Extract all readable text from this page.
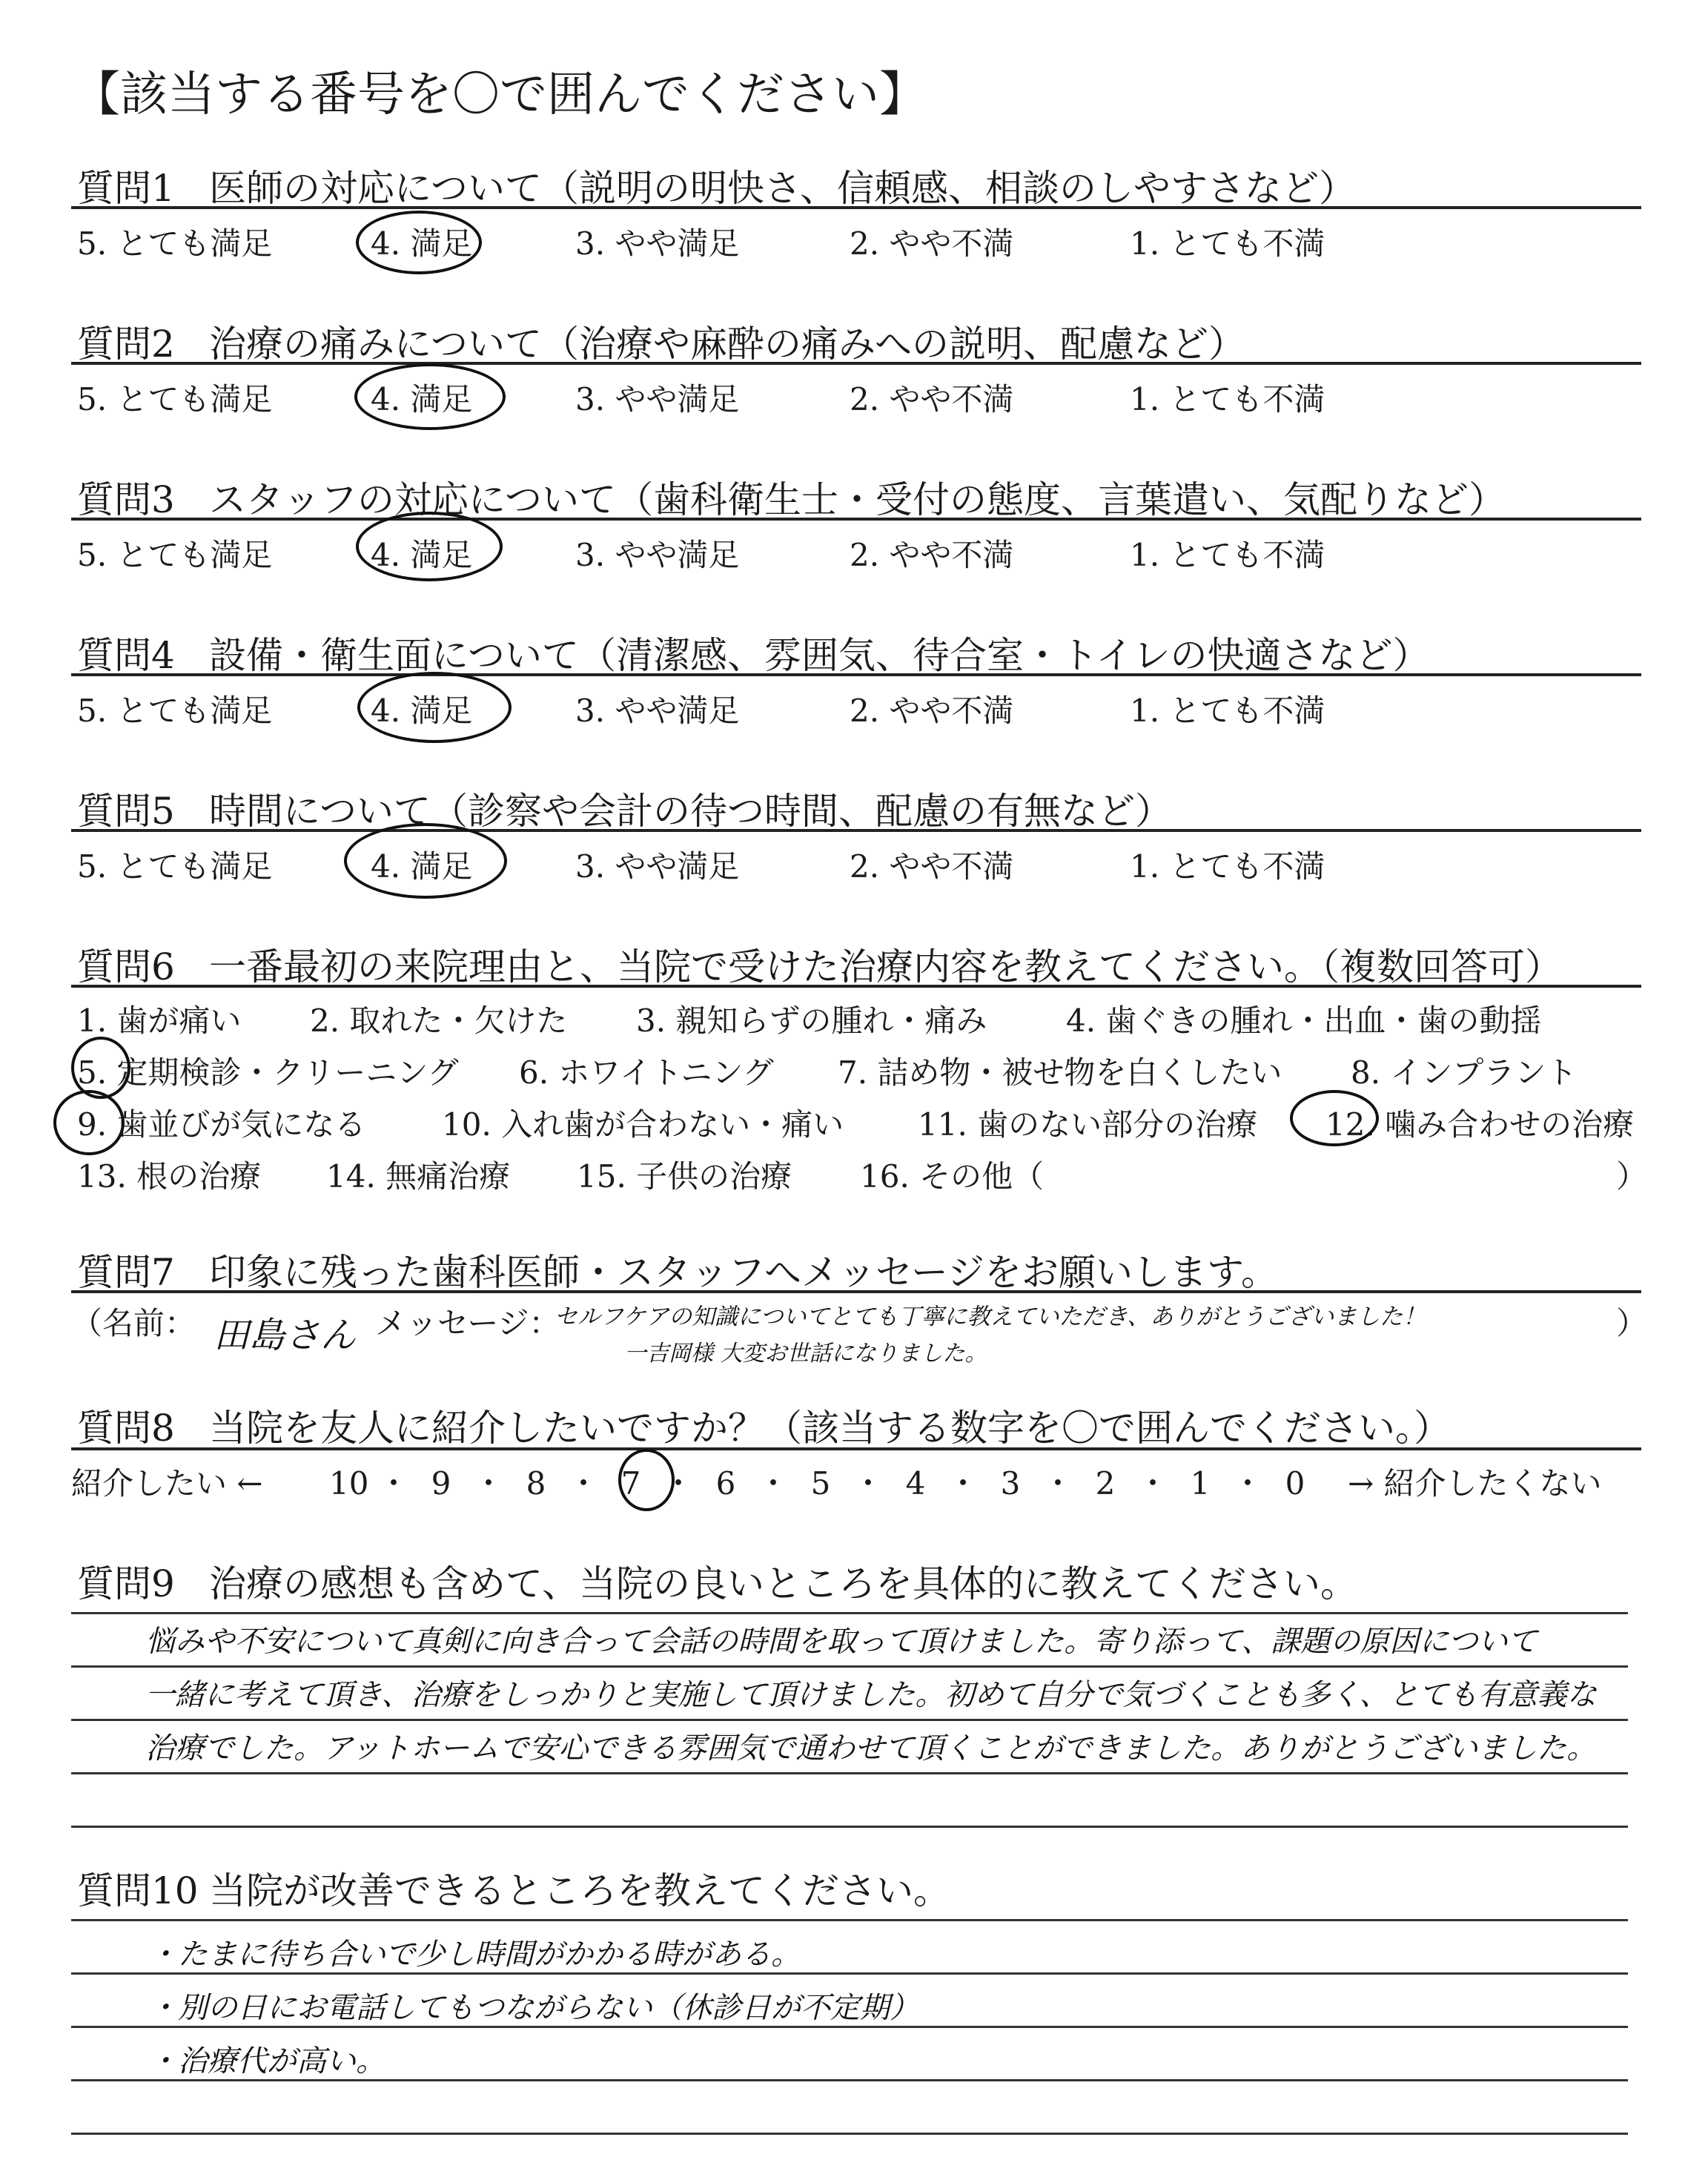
【該当する番号を〇で囲んでください】
質問1 医師の対応について（説明の明快さ、信頼感、相談のしやすさなど）
5. とても満足	4. 満足	3. やや満足	2. やや不満	1. とても不満
質問2 治療の痛みについて（治療や麻酔の痛みへの説明、配慮など）
5. とても満足	4. 満足	3. やや満足	2. やや不満	1. とても不満
質問3 スタッフの対応について（歯科衛生士・受付の態度、言葉遣い、気配りなど）
5. とても満足	4. 満足	3. やや満足	2. やや不満	1. とても不満
質問4 設備・衛生面について（清潔感、雰囲気、待合室・トイレの快適さなど）
5. とても満足	4. 満足	3. やや満足	2. やや不満	1. とても不満
質問5 時間について（診察や会計の待つ時間、配慮の有無など）
5. とても満足	4. 満足	3. やや満足	2. やや不満	1. とても不満
質問6 一番最初の来院理由と、当院で受けた治療内容を教えてください。（複数回答可）
1. 歯が痛い 2. 取れた・欠けた 3. 親知らずの腫れ・痛み	4. 歯ぐきの腫れ・出血・歯の動揺
5. 定期検診・クリーニング 6. ホワイトニング 7. 詰め物・被せ物を白くしたい 8. インプラント
9. 歯並びが気になる 10. 入れ歯が合わない・痛い 11. 歯のない部分の治療 12. 噛み合わせの治療
13. 根の治療 14. 無痛治療 15. 子供の治療 16. その他（	）
質問7 印象に残った歯科医師・スタッフへメッセージをお願いします。
（名前： 田島さん メッセージ：
セルフケアの知識についてとても丁寧に教えていただき、ありがとうございました！
一吉岡様 大変お世話になりました。
）
質問8 当院を友人に紹介したいですか？（該当する数字を〇で囲んでください。）
紹介したい ← 10 ・ 9 ・ 8 ・ 7 ・ 6 ・ 5 ・ 4 ・ 3 ・ 2 ・ 1 ・ 0 → 紹介したくない
質問9 治療の感想も含めて、当院の良いところを具体的に教えてください。
悩みや不安について真剣に向き合って会話の時間を取って頂けました。寄り添って、課題の原因について
一緒に考えて頂き、治療をしっかりと実施して頂けました。初めて自分で気づくことも多く、とても有意義な
治療でした。アットホームで安心できる雰囲気で通わせて頂くことができました。ありがとうございました。
質問10 当院が改善できるところを教えてください。
・たまに待ち合いで少し時間がかかる時がある。
・別の日にお電話してもつながらない（休診日が不定期）
・治療代が高い。
